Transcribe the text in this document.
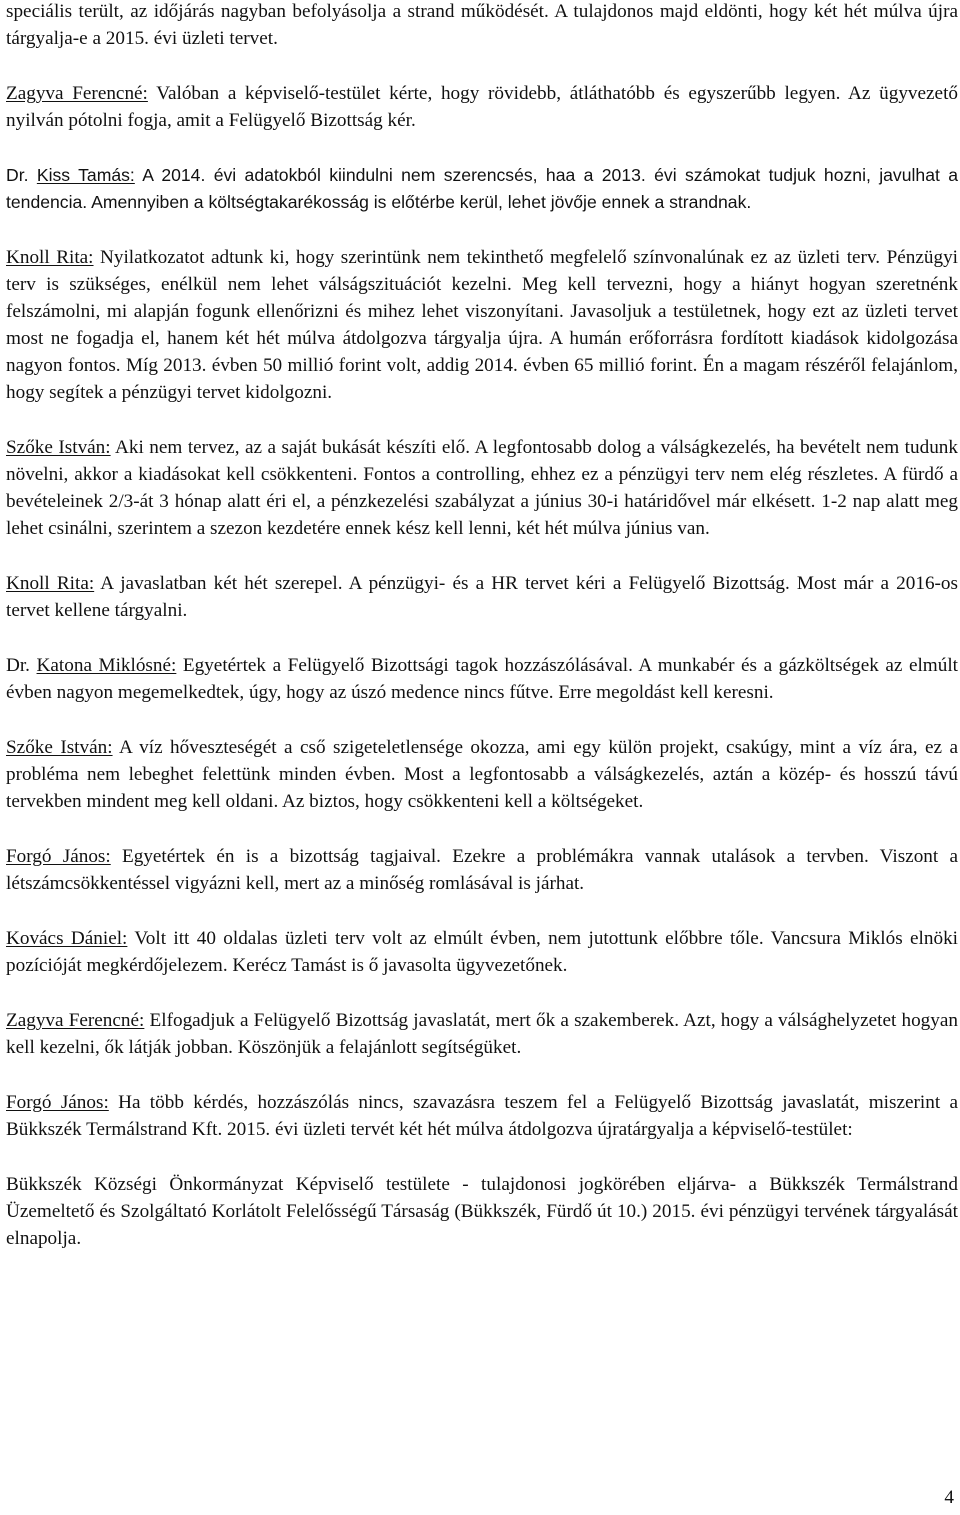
speciális terült, az időjárás nagyban befolyásolja a strand működését. A tulajdonos majd eldönti, hogy két hét múlva újra tárgyalja-e a 2015. évi üzleti tervet.

Zagyva Ferencné: Valóban a képviselő-testület kérte, hogy rövidebb, átláthatóbb és egyszerűbb legyen. Az ügyvezető nyilván pótolni fogja, amit a Felügyelő Bizottság kér.

Dr. Kiss Tamás: A 2014. évi adatokból kiindulni nem szerencsés, haa a 2013. évi számokat tudjuk hozni, javulhat a tendencia. Amennyiben a költségtakarékosság is előtérbe kerül, lehet jövője ennek a strandnak.

Knoll Rita: Nyilatkozatot adtunk ki, hogy szerintünk nem tekinthető megfelelő színvonalúnak ez az üzleti terv. Pénzügyi terv is szükséges, enélkül nem lehet válságszituációt kezelni. Meg kell tervezni, hogy a hiányt hogyan szeretnénk felszámolni, mi alapján fogunk ellenőrizni és mihez lehet viszonyítani. Javasoljuk a testületnek, hogy ezt az üzleti tervet most ne fogadja el, hanem két hét múlva átdolgozva tárgyalja újra. A humán erőforrásra fordított kiadások kidolgozása nagyon fontos. Míg 2013. évben 50 millió forint volt, addig 2014. évben 65 millió forint. Én a magam részéről felajánlom, hogy segítek a pénzügyi tervet kidolgozni.

Szőke István: Aki nem tervez, az a saját bukását készíti elő. A legfontosabb dolog a válságkezelés, ha bevételt nem tudunk növelni, akkor a kiadásokat kell csökkenteni. Fontos a controlling, ehhez ez a pénzügyi terv nem elég részletes. A fürdő a bevételeinek 2/3-át 3 hónap alatt éri el, a pénzkezelési szabályzat a június 30-i határidővel már elkésett. 1-2 nap alatt meg lehet csinálni, szerintem a szezon kezdetére ennek kész kell lenni, két hét múlva június van.

Knoll Rita: A javaslatban két hét szerepel. A pénzügyi- és a HR tervet kéri a Felügyelő Bizottság. Most már a 2016-os tervet kellene tárgyalni.

Dr. Katona Miklósné: Egyetértek a Felügyelő Bizottsági tagok hozzászólásával. A munkabér és a gázköltségek az elmúlt évben nagyon megemelkedtek, úgy, hogy az úszó medence nincs fűtve. Erre megoldást kell keresni.

Szőke István: A víz hőveszteségét a cső szigeteletlensége okozza, ami egy külön projekt, csakúgy, mint a víz ára, ez a probléma nem lebeghet felettünk minden évben. Most a legfontosabb a válságkezelés, aztán a közép- és hosszú távú tervekben mindent meg kell oldani. Az biztos, hogy csökkenteni kell a költségeket.

Forgó János: Egyetértek én is a bizottság tagjaival. Ezekre a problémákra vannak utalások a tervben. Viszont a létszámcsökkentéssel vigyázni kell, mert az a minőség romlásával is járhat.

Kovács Dániel: Volt itt 40 oldalas üzleti terv volt az elmúlt évben, nem jutottunk előbbre tőle. Vancsura Miklós elnöki pozícióját megkérdőjelezem. Kerécz Tamást is ő javasolta ügyvezetőnek.

Zagyva Ferencné: Elfogadjuk a Felügyelő Bizottság javaslatát, mert ők a szakemberek. Azt, hogy a válsághelyzetet hogyan kell kezelni, ők látják jobban. Köszönjük a felajánlott segítségüket.

Forgó János: Ha több kérdés, hozzászólás nincs, szavazásra teszem fel a Felügyelő Bizottság javaslatát, miszerint a Bükkszék Termálstrand Kft. 2015. évi üzleti tervét két hét múlva átdolgozva újratárgyalja a képviselő-testület:

Bükkszék Községi Önkormányzat Képviselő testülete - tulajdonosi jogkörében eljárva- a Bükkszék Termálstrand Üzemeltető és Szolgáltató Korlátolt Felelősségű Társaság (Bükkszék, Fürdő út 10.) 2015. évi pénzügyi tervének tárgyalását elnapolja.

4
